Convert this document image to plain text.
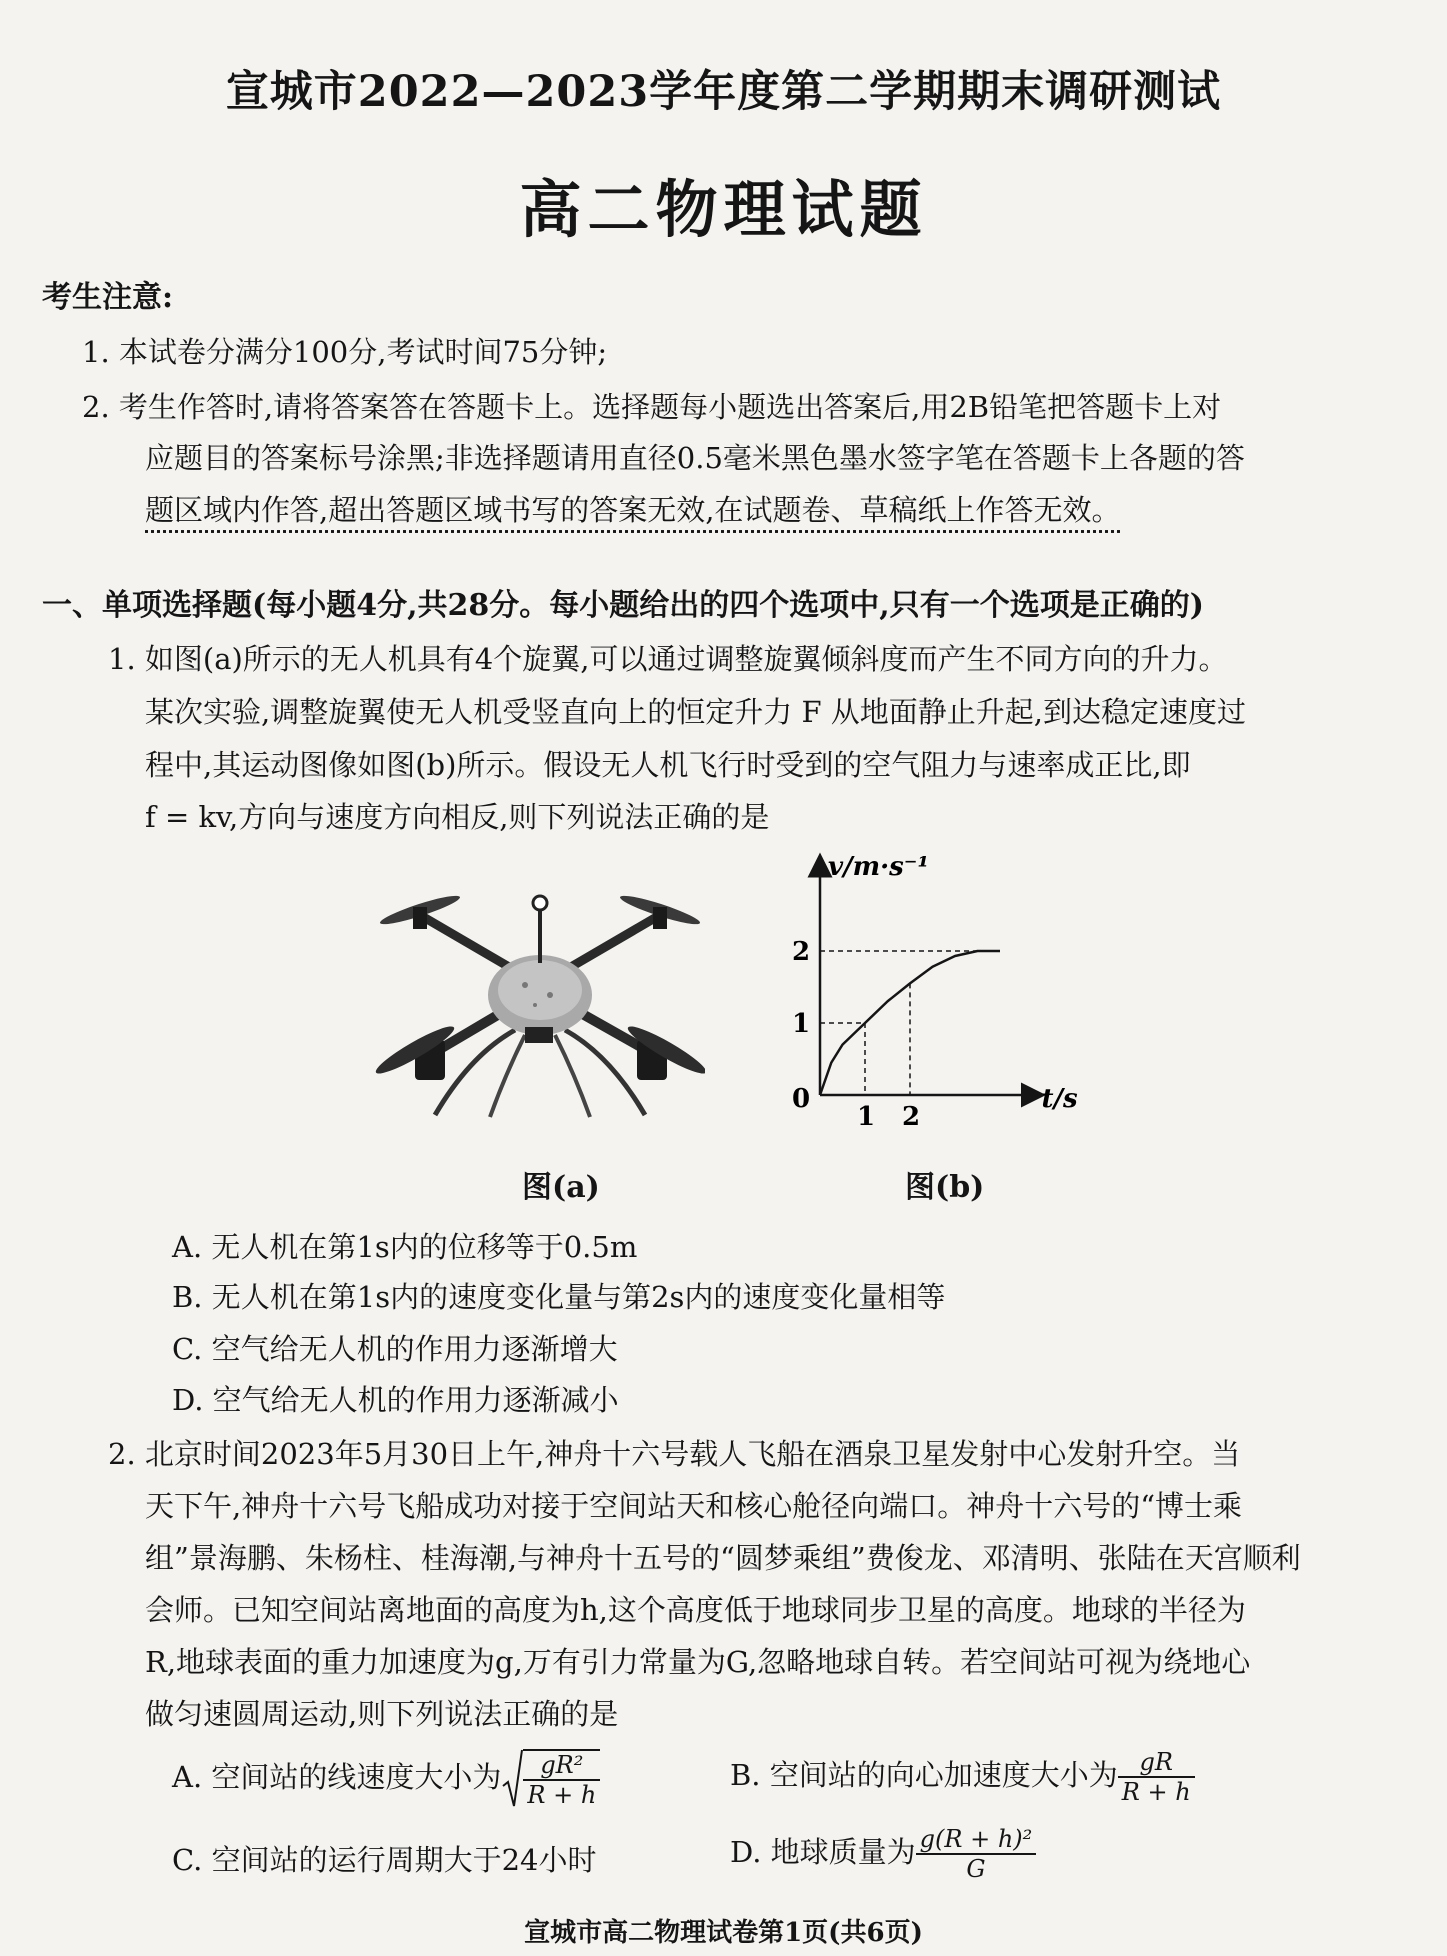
宣城市2022—2023学年度第二学期期末调研测试
高二物理试题
考生注意:
1. 本试卷分满分100分,考试时间75分钟;
2. 考生作答时,请将答案答在答题卡上。选择题每小题选出答案后,用2B铅笔把答题卡上对
应题目的答案标号涂黑;非选择题请用直径0.5毫米黑色墨水签字笔在答题卡上各题的答
题区域内作答,超出答题区域书写的答案无效,在试题卷、草稿纸上作答无效。
一、单项选择题(每小题4分,共28分。每小题给出的四个选项中,只有一个选项是正确的)
1. 如图(a)所示的无人机具有4个旋翼,可以通过调整旋翼倾斜度而产生不同方向的升力。
某次实验,调整旋翼使无人机受竖直向上的恒定升力 F 从地面静止升起,到达稳定速度过
程中,其运动图像如图(b)所示。假设无人机飞行时受到的空气阻力与速率成正比,即
f = kv,方向与速度方向相反,则下列说法正确的是
v/m·s⁻¹
t/s
0
1 2
1
2
图(a)	图(b)
A. 无人机在第1s内的位移等于0.5m
B. 无人机在第1s内的速度变化量与第2s内的速度变化量相等
C. 空气给无人机的作用力逐渐增大
D. 空气给无人机的作用力逐渐减小
2. 北京时间2023年5月30日上午,神舟十六号载人飞船在酒泉卫星发射中心发射升空。当
天下午,神舟十六号飞船成功对接于空间站天和核心舱径向端口。神舟十六号的“博士乘
组”景海鹏、朱杨柱、桂海潮,与神舟十五号的“圆梦乘组”费俊龙、邓清明、张陆在天宫顺利
会师。已知空间站离地面的高度为h,这个高度低于地球同步卫星的高度。地球的半径为
R,地球表面的重力加速度为g,万有引力常量为G,忽略地球自转。若空间站可视为绕地心
做匀速圆周运动,则下列说法正确的是
A. 空间站的线速度大小为 $\frac{\text{gR²}}{R + h}$	B. 空间站的向心加速度大小为 $\frac{gR}{R + h}$
C. 空间站的运行周期大于24小时	D. 地球质量为 $\frac{\text{g(R + h)²}}{G}$
宣城市高二物理试卷第1页(共6页)
